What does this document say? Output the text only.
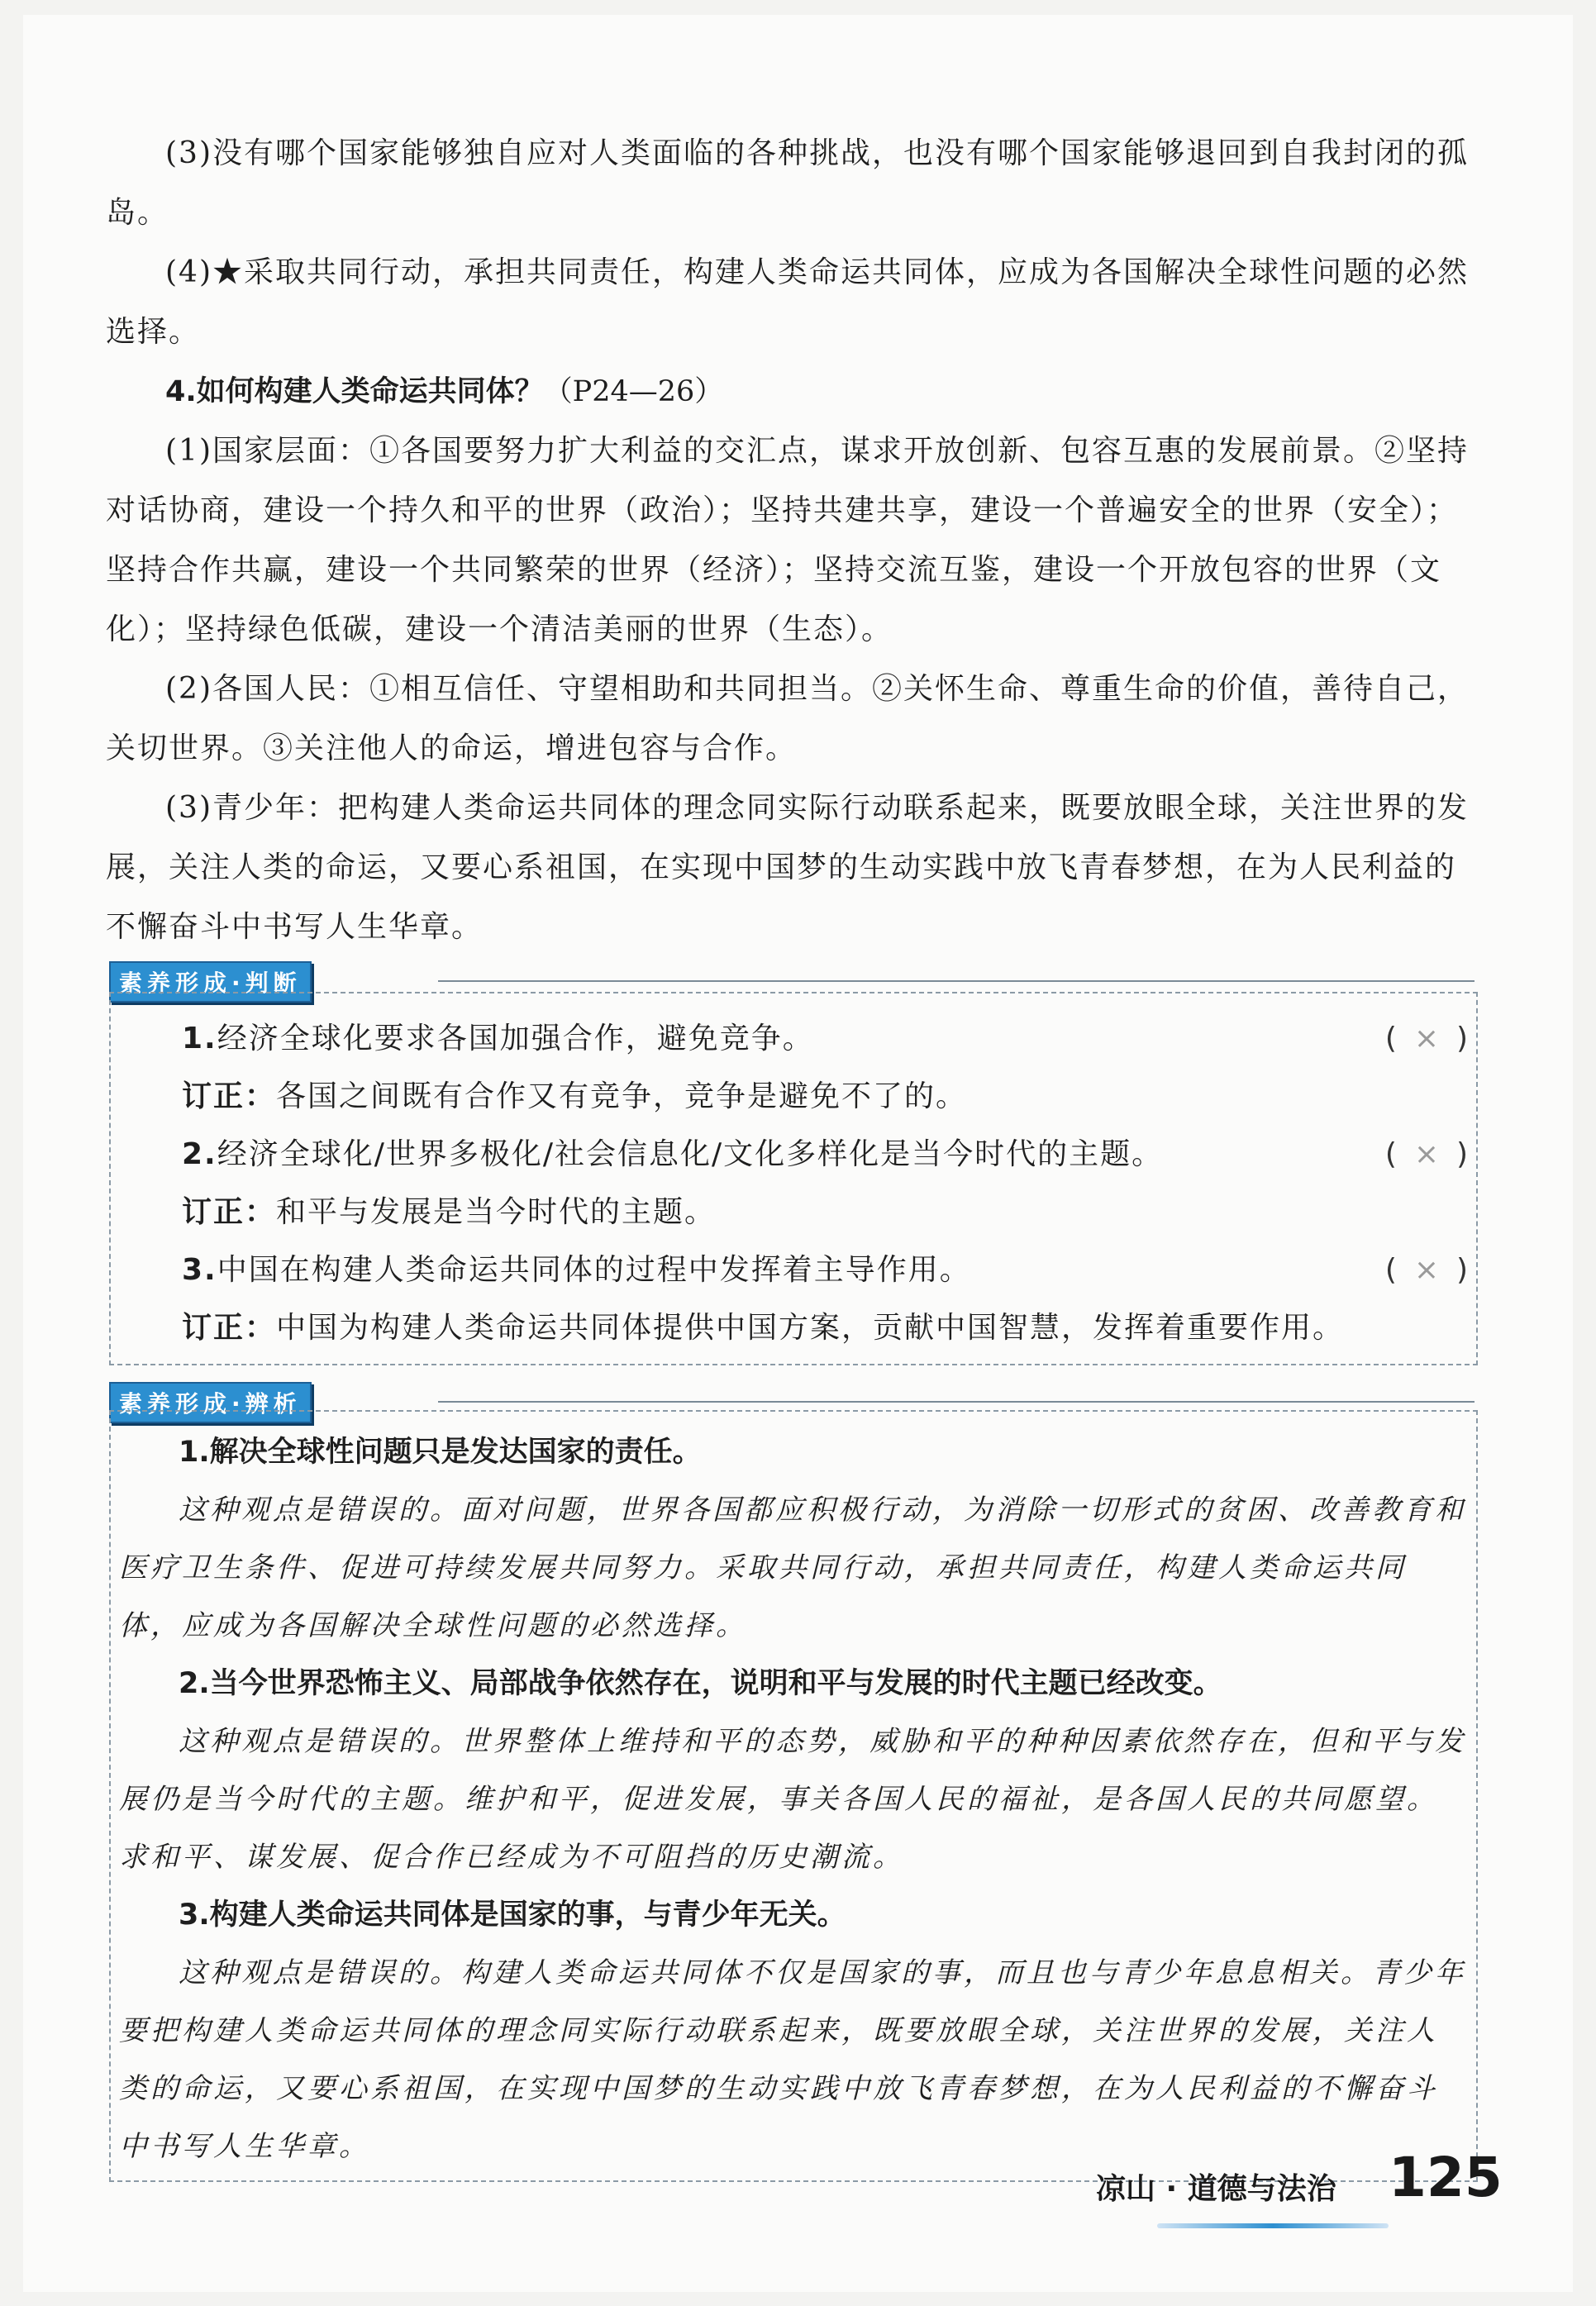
(3)没有哪个国家能够独自应对人类面临的各种挑战，也没有哪个国家能够退回到自我封闭的孤岛。

(4)★采取共同行动，承担共同责任，构建人类命运共同体，应成为各国解决全球性问题的必然选择。

4.如何构建人类命运共同体？（P24—26）

(1)国家层面：①各国要努力扩大利益的交汇点，谋求开放创新、包容互惠的发展前景。②坚持对话协商，建设一个持久和平的世界（政治）；坚持共建共享，建设一个普遍安全的世界（安全）；坚持合作共赢，建设一个共同繁荣的世界（经济）；坚持交流互鉴，建设一个开放包容的世界（文化）；坚持绿色低碳，建设一个清洁美丽的世界（生态）。

(2)各国人民：①相互信任、守望相助和共同担当。②关怀生命、尊重生命的价值，善待自己，关切世界。③关注他人的命运，增进包容与合作。

(3)青少年：把构建人类命运共同体的理念同实际行动联系起来，既要放眼全球，关注世界的发展，关注人类的命运，又要心系祖国，在实现中国梦的生动实践中放飞青春梦想，在为人民利益的不懈奋斗中书写人生华章。

素养形成·判断
1.经济全球化要求各国加强合作，避免竞争。	( × )
订正：各国之间既有合作又有竞争，竞争是避免不了的。
2.经济全球化/世界多极化/社会信息化/文化多样化是当今时代的主题。	( × )
订正：和平与发展是当今时代的主题。
3.中国在构建人类命运共同体的过程中发挥着主导作用。	( × )
订正：中国为构建人类命运共同体提供中国方案，贡献中国智慧，发挥着重要作用。
素养形成·辨析

1.解决全球性问题只是发达国家的责任。

这种观点是错误的。面对问题，世界各国都应积极行动，为消除一切形式的贫困、改善教育和医疗卫生条件、促进可持续发展共同努力。采取共同行动，承担共同责任，构建人类命运共同体，应成为各国解决全球性问题的必然选择。

2.当今世界恐怖主义、局部战争依然存在，说明和平与发展的时代主题已经改变。

这种观点是错误的。世界整体上维持和平的态势，威胁和平的种种因素依然存在，但和平与发展仍是当今时代的主题。维护和平，促进发展，事关各国人民的福祉，是各国人民的共同愿望。求和平、谋发展、促合作已经成为不可阻挡的历史潮流。

3.构建人类命运共同体是国家的事，与青少年无关。

这种观点是错误的。构建人类命运共同体不仅是国家的事，而且也与青少年息息相关。青少年要把构建人类命运共同体的理念同实际行动联系起来，既要放眼全球，关注世界的发展，关注人类的命运，又要心系祖国，在实现中国梦的生动实践中放飞青春梦想，在为人民利益的不懈奋斗中书写人生华章。

凉山 · 道德与法治 125
